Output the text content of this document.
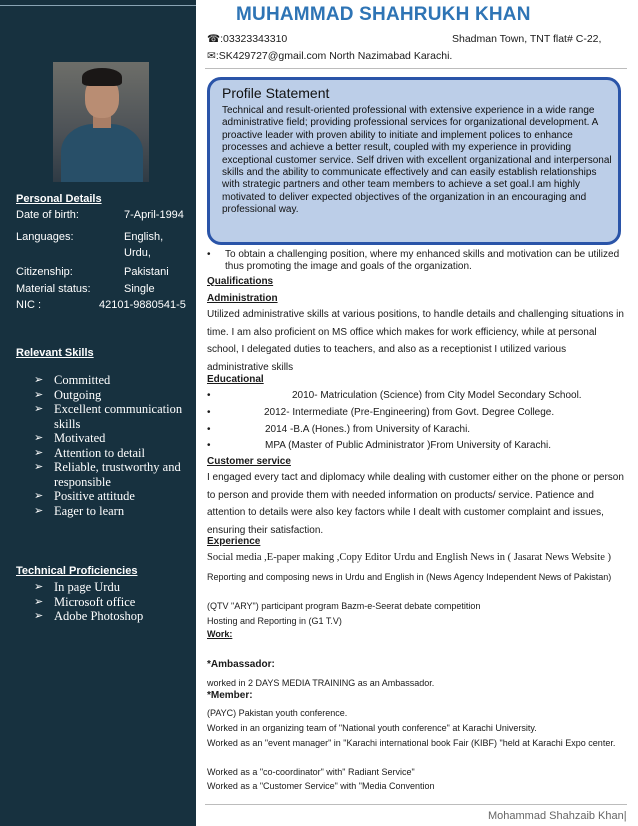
Personal Details
Date of birth:	7-April-1994
Languages:	English,
Urdu,
Citizenship:	Pakistani
Material status:	Single
NIC :	42101-9880541-5
Relevant Skills
➢ Committed
➢ Outgoing
➢ Excellent communication skills
➢ Motivated
➢ Attention to detail
➢ Reliable, trustworthy and responsible
➢ Positive attitude
➢ Eager to learn
Technical Proficiencies
➢ In page Urdu
➢ Microsoft office
➢ Adobe Photoshop
MUHAMMAD SHAHRUKH KHAN
☎:03323343310	Shadman Town, TNT flat# C-22,
✉:SK429727@gmail.com North Nazimabad Karachi.
Profile Statement

Technical and result-oriented professional with extensive experience in a wide range administrative field; providing professional services for organizational development. A proactive leader with proven ability to initiate and implement polices to enhance processes and achieve a better result, coupled with my experience in providing exceptional customer service. Self driven with excellent organizational and interpersonal skills and the ability to communicate effectively and can easily establish relationships with strategic partners and other team members to achieve a set goal.I am highly motivated to deliver expected objectives of the organization in an encouraging and professional way.

•	To obtain a challenging position, where my enhanced skills and motivation can be utilized thus promoting the image and goals of the organization.
Qualifications
Administration

Utilized administrative skills at various positions, to handle details and challenging situations in time. I am also proficient on MS office which makes for work efficiency, while at personal school, I delegated duties to teachers, and also as a receptionist I utilized various administrative skills

Educational
•	2010- Matriculation (Science) from City Model Secondary School.
•	2012- Intermediate (Pre-Engineering) from Govt. Degree College.
•	2014 -B.A (Hones.) from University of Karachi.
•	MPA (Master of Public Administrator )From University of Karachi.
Customer service

I engaged every tact and diplomacy while dealing with customer either on the phone or person to person and provide them with needed information on products/ service. Patience and attention to details were also key factors while I dealt with customer complaint and issues, ensuring their satisfaction.

Experience
Social media ,E-paper making ,Copy Editor Urdu and English News in ( Jasarat News Website )

Reporting and composing news in Urdu and English in (News Agency Independent News of Pakistan)

(QTV "ARY") participant program Bazm-e-Seerat debate competition

Hosting and Reporting in (G1 T.V)

Work:
*Ambassador:

worked in 2 DAYS MEDIA TRAINING as an Ambassador.

*Member:

(PAYC) Pakistan youth conference.

Worked in an organizing team of "National youth conference" at Karachi University.

Worked as an "event manager" in "Karachi international book Fair (KIBF) "held at Karachi Expo center.

Worked as a "co-coordinator" with" Radiant Service"

Worked as a "Customer Service" with "Media Convention

Mohammad Shahzaib Khan|
